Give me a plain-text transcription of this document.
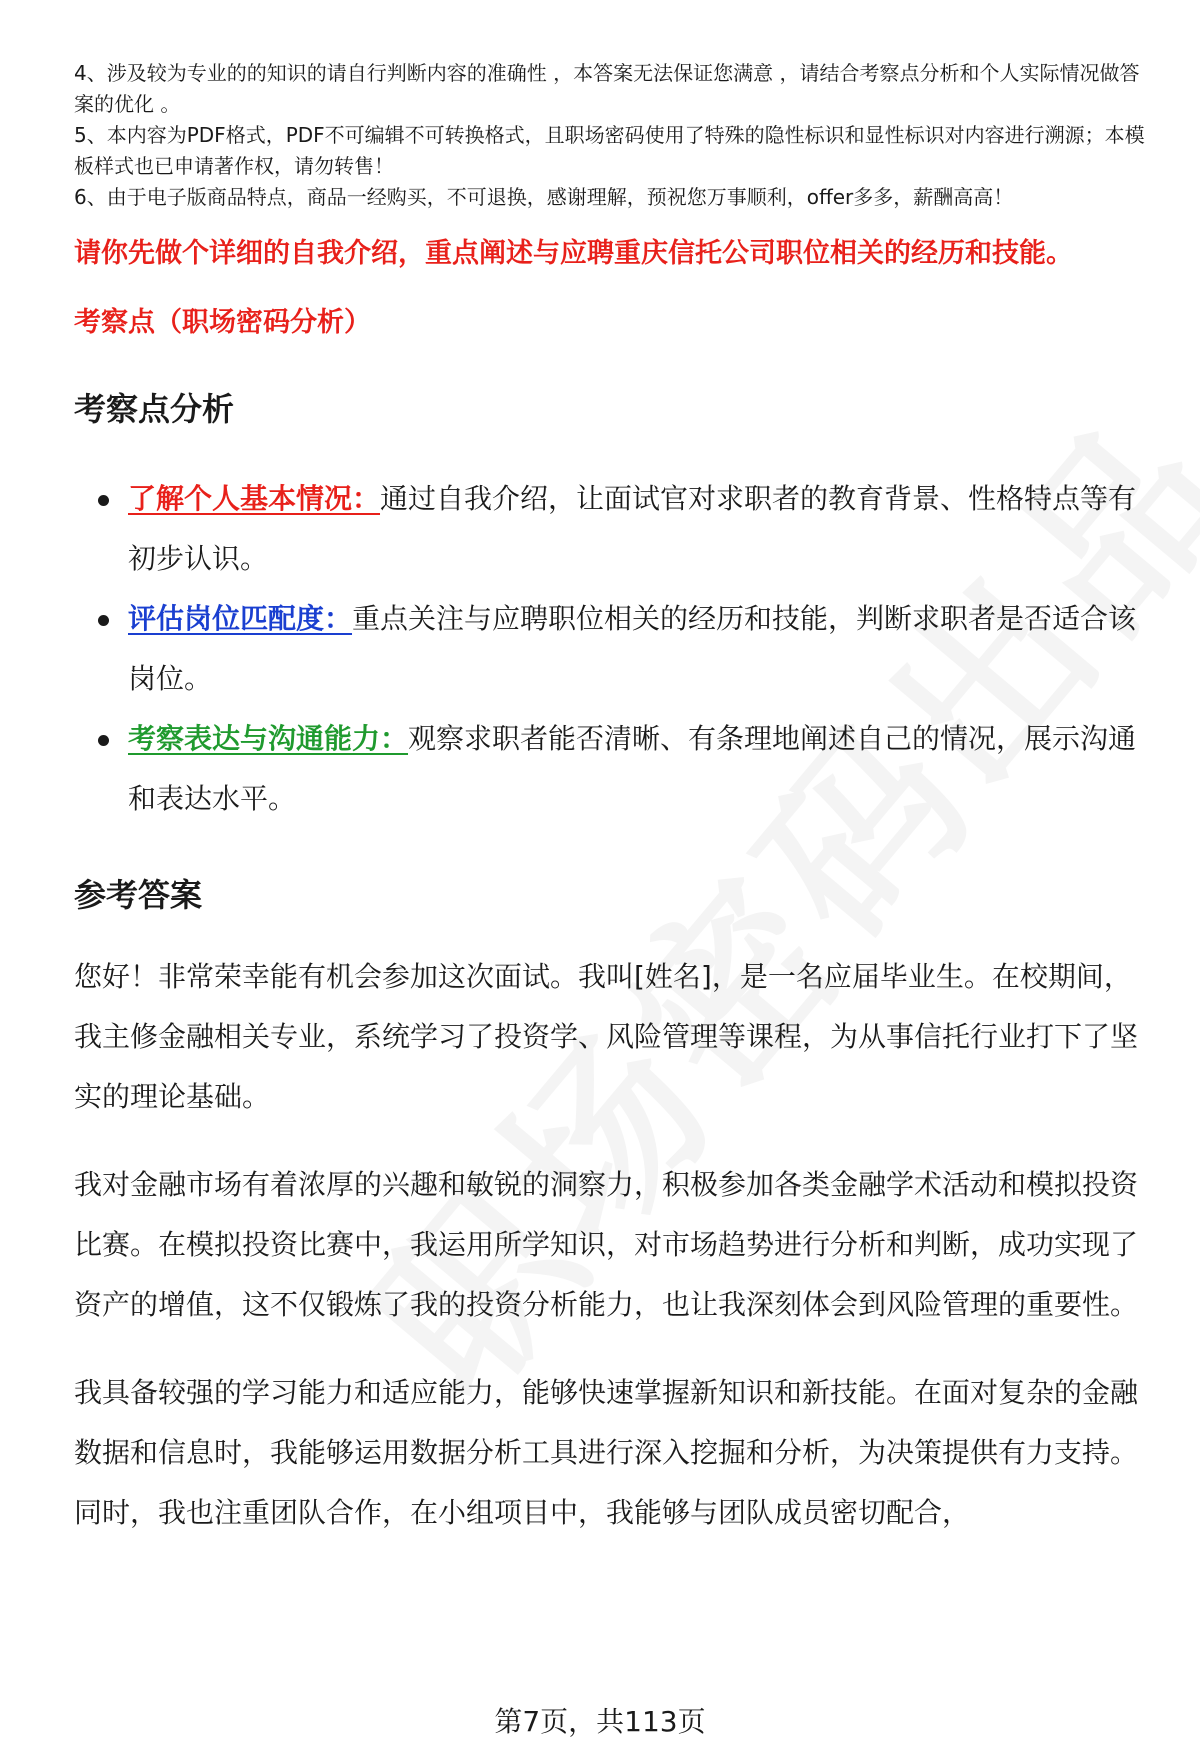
4、涉及较为专业的的知识的请自行判断内容的准确性 ，本答案无法保证您满意 ，请结合考察点分析和个人实际情况做答案的优化 。

5、本内容为PDF格式，PDF不可编辑不可转换格式，且职场密码使用了特殊的隐性标识和显性标识对内容进行溯源；本模板样式也已申请著作权，请勿转售！

6、由于电子版商品特点，商品一经购买，不可退换，感谢理解，预祝您万事顺利，offer多多，薪酬高高！

请你先做个详细的自我介绍，重点阐述与应聘重庆信托公司职位相关的经历和技能。

考察点（职场密码分析）

考察点分析
了解个人基本情况：通过自我介绍，让面试官对求职者的教育背景、性格特点等有初步认识。
评估岗位匹配度：重点关注与应聘职位相关的经历和技能，判断求职者是否适合该岗位。
考察表达与沟通能力：观察求职者能否清晰、有条理地阐述自己的情况，展示沟通和表达水平。
参考答案

您好！非常荣幸能有机会参加这次面试。我叫[姓名]，是一名应届毕业生。在校期间，我主修金融相关专业，系统学习了投资学、风险管理等课程，为从事信托行业打下了坚实的理论基础。

我对金融市场有着浓厚的兴趣和敏锐的洞察力，积极参加各类金融学术活动和模拟投资比赛。在模拟投资比赛中，我运用所学知识，对市场趋势进行分析和判断，成功实现了资产的增值，这不仅锻炼了我的投资分析能力，也让我深刻体会到风险管理的重要性。

我具备较强的学习能力和适应能力，能够快速掌握新知识和新技能。在面对复杂的金融数据和信息时，我能够运用数据分析工具进行深入挖掘和分析，为决策提供有力支持。同时，我也注重团队合作，在小组项目中，我能够与团队成员密切配合，

第7页，共113页
